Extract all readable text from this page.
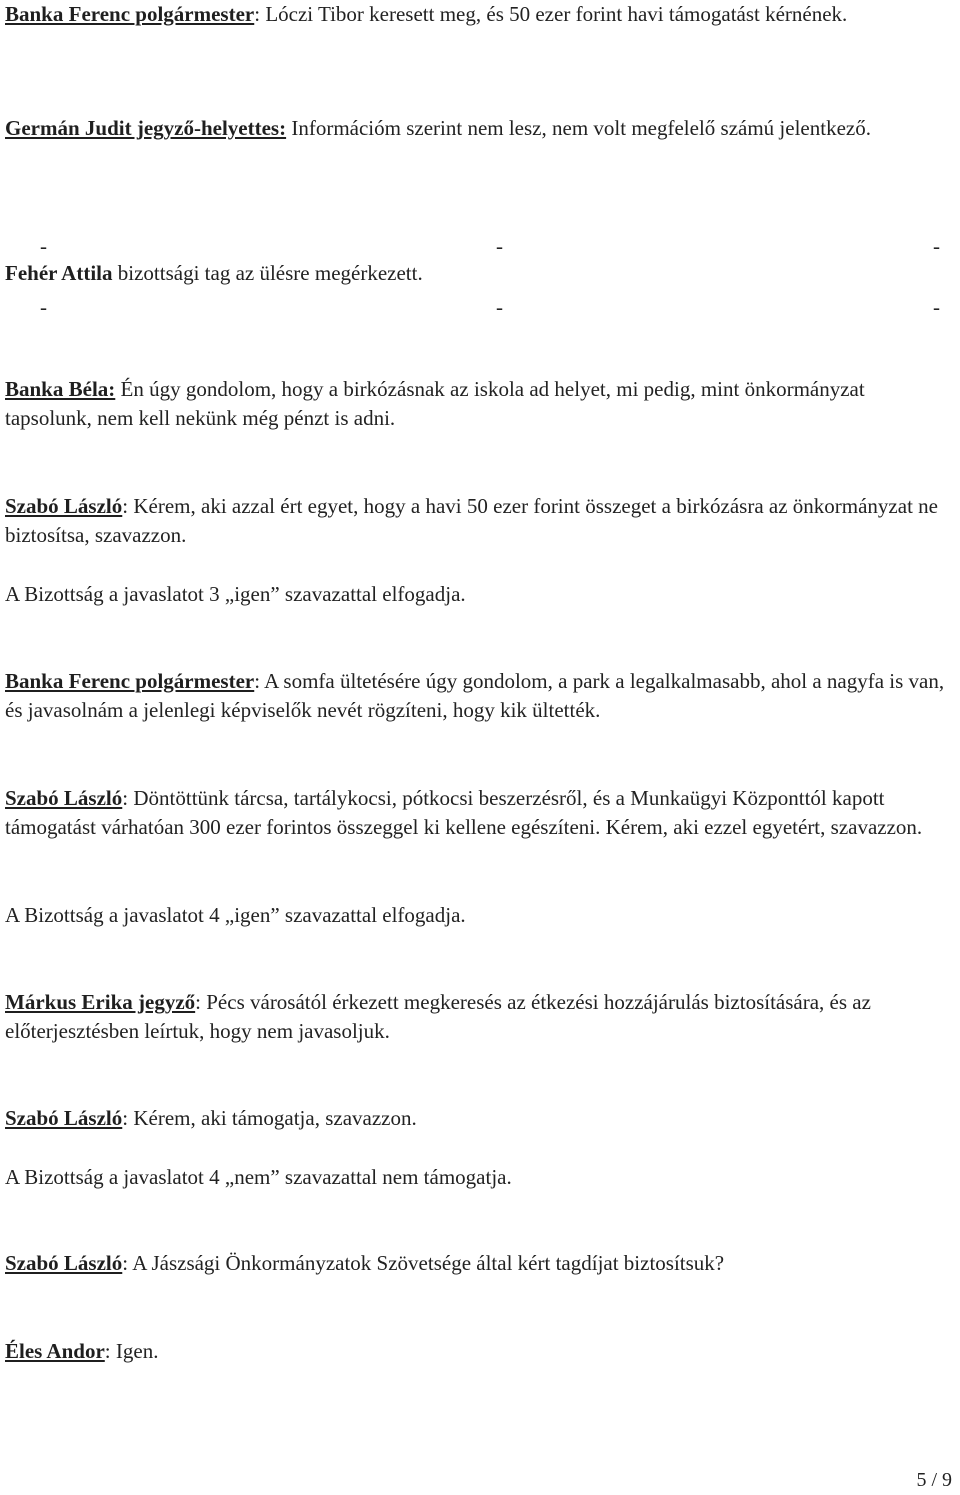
Banka Ferenc polgármester: Lóczi Tibor keresett meg, és 50 ezer forint havi támogatást kérnének.

Germán Judit jegyző-helyettes: Információm szerint nem lesz, nem volt megfelelő számú jelentkező.

-	-	-

Fehér Attila bizottsági tag az ülésre megérkezett.

-	-	-

Banka Béla: Én úgy gondolom, hogy a birkózásnak az iskola ad helyet, mi pedig, mint önkormányzat tapsolunk, nem kell nekünk még pénzt is adni.

Szabó László: Kérem, aki azzal ért egyet, hogy a havi 50 ezer forint összeget a birkózásra az önkormányzat ne biztosítsa, szavazzon.

A Bizottság a javaslatot 3 „igen” szavazattal elfogadja.

Banka Ferenc polgármester: A somfa ültetésére úgy gondolom, a park a legalkalmasabb, ahol a nagyfa is van, és javasolnám a jelenlegi képviselők nevét rögzíteni, hogy kik ültették.

Szabó László: Döntöttünk tárcsa, tartálykocsi, pótkocsi beszerzésről, és a Munkaügyi Központtól kapott támogatást várhatóan 300 ezer forintos összeggel ki kellene egészíteni. Kérem, aki ezzel egyetért, szavazzon.

A Bizottság a javaslatot 4 „igen” szavazattal elfogadja.

Márkus Erika jegyző: Pécs városától érkezett megkeresés az étkezési hozzájárulás biztosítására, és az előterjesztésben leírtuk, hogy nem javasoljuk.

Szabó László: Kérem, aki támogatja, szavazzon.

A Bizottság a javaslatot 4 „nem” szavazattal nem támogatja.

Szabó László: A Jászsági Önkormányzatok Szövetsége által kért tagdíjat biztosítsuk?

Éles Andor: Igen.

5 / 9
